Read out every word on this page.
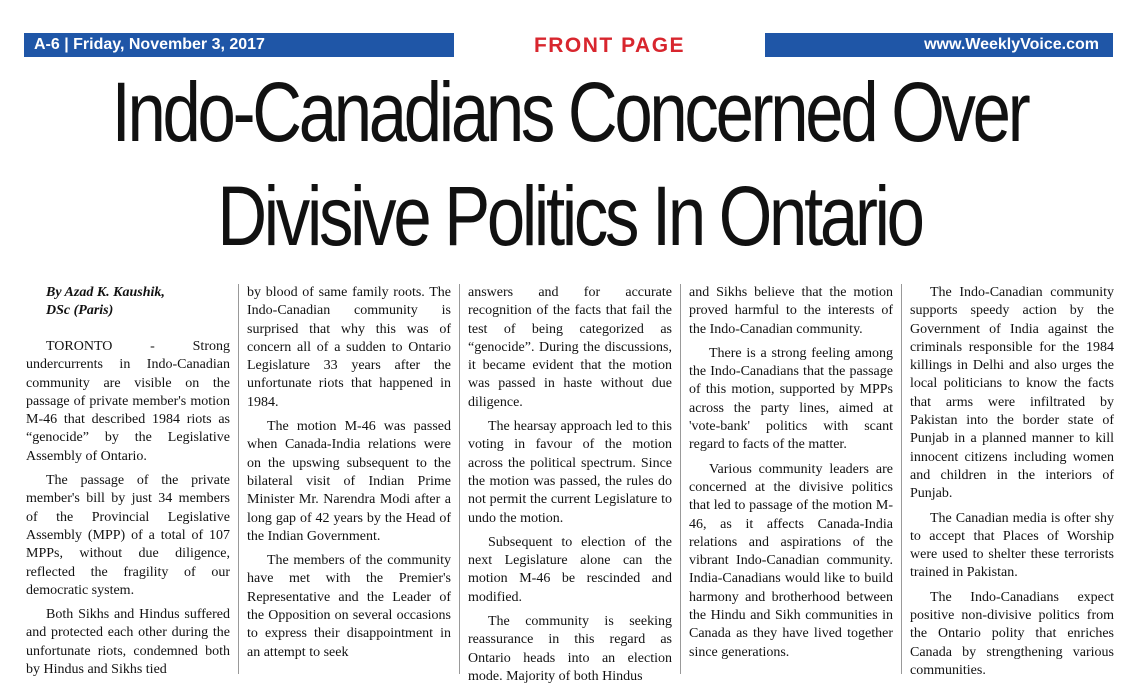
A-6 | Friday, November 3, 2017	FRONT PAGE	www.WeeklyVoice.com
Indo-Canadians Concerned Over
Divisive Politics In Ontario
By Azad K. Kaushik,
DSc (Paris)

TORONTO - Strong undercurrents in Indo-Canadian community are visible on the passage of private member's motion M-46 that described 1984 riots as “genocide” by the Legislative Assembly of Ontario.

The passage of the private member's bill by just 34 members of the Provincial Legislative Assembly (MPP) of a total of 107 MPPs, without due diligence, reflected the fragility of our democratic system.

Both Sikhs and Hindus suffered and protected each other during the unfortunate riots, condemned both by Hindus and Sikhs tied

by blood of same family roots. The Indo-Canadian community is surprised that why this was of concern all of a sudden to Ontario Legislature 33 years after the unfortunate riots that happened in 1984.

The motion M-46 was passed when Canada-India relations were on the upswing subsequent to the bilateral visit of Indian Prime Minister Mr. Narendra Modi after a long gap of 42 years by the Head of the Indian Government.

The members of the community have met with the Premier's Representative and the Leader of the Opposition on several occasions to express their disappointment in an attempt to seek

answers and for accurate recognition of the facts that fail the test of being categorized as “genocide”. During the discussions, it became evident that the motion was passed in haste without due diligence.

The hearsay approach led to this voting in favour of the motion across the political spectrum. Since the motion was passed, the rules do not permit the current Legislature to undo the motion.

Subsequent to election of the next Legislature alone can the motion M-46 be rescinded and modified.

The community is seeking reassurance in this regard as Ontario heads into an election mode. Majority of both Hindus

and Sikhs believe that the motion proved harmful to the interests of the Indo-Canadian community.

There is a strong feeling among the Indo-Canadians that the passage of this motion, supported by MPPs across the party lines, aimed at 'vote-bank' politics with scant regard to facts of the matter.

Various community leaders are concerned at the divisive politics that led to passage of the motion M-46, as it affects Canada-India relations and aspirations of the vibrant Indo-Canadian community. India-Canadians would like to build harmony and brotherhood between the Hindu and Sikh communities in Canada as they have lived together since generations.

The Indo-Canadian community supports speedy action by the Government of India against the criminals responsible for the 1984 killings in Delhi and also urges the local politicians to know the facts that arms were infiltrated by Pakistan into the border state of Punjab in a planned manner to kill innocent citizens including women and children in the interiors of Punjab.

The Canadian media is ofter shy to accept that Places of Worship were used to shelter these terrorists trained in Pakistan.

The Indo-Canadians expect positive non-divisive politics from the Ontario polity that enriches Canada by strengthening various communities.
